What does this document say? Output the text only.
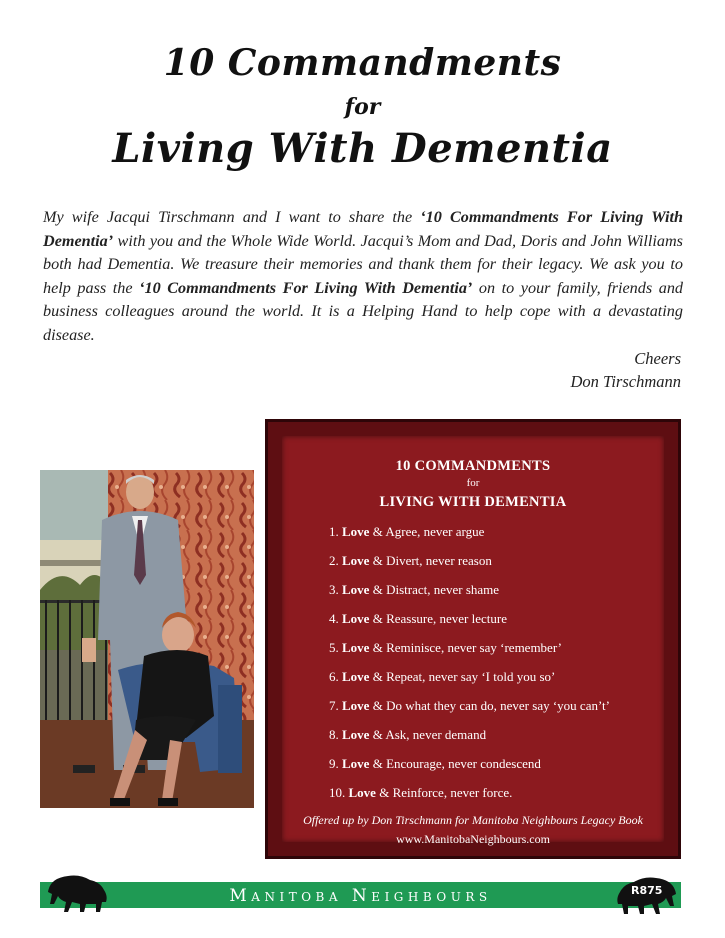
10 Commandments
for
Living With Dementia
My wife Jacqui Tirschmann and I want to share the ‘10 Commandments For Living With Dementia’ with you and the Whole Wide World. Jacqui’s Mom and Dad, Doris and John Williams both had Dementia. We treasure their memories and thank them for their legacy. We ask you to help pass the ‘10 Commandments For Living With Dementia’ on to your family, friends and business colleagues around the world. It is a Helping Hand to help cope with a devastating disease.
Cheers
Don Tirschmann
10 COMMANDMENTS
for
LIVING WITH DEMENTIA
1. Love & Agree, never argue
2. Love & Divert, never reason
3. Love & Distract, never shame
4. Love & Reassure, never lecture
5. Love & Reminisce, never say ‘remember’
6. Love & Repeat, never say ‘I told you so’
7. Love & Do what they can do, never say ‘you can’t’
8. Love & Ask, never demand
9. Love & Encourage, never condescend
10. Love & Reinforce, never force.
Offered up by Don Tirschmann for Manitoba Neighbours Legacy Book
www.ManitobaNeighbours.com
Manitoba Neighbours	R875
